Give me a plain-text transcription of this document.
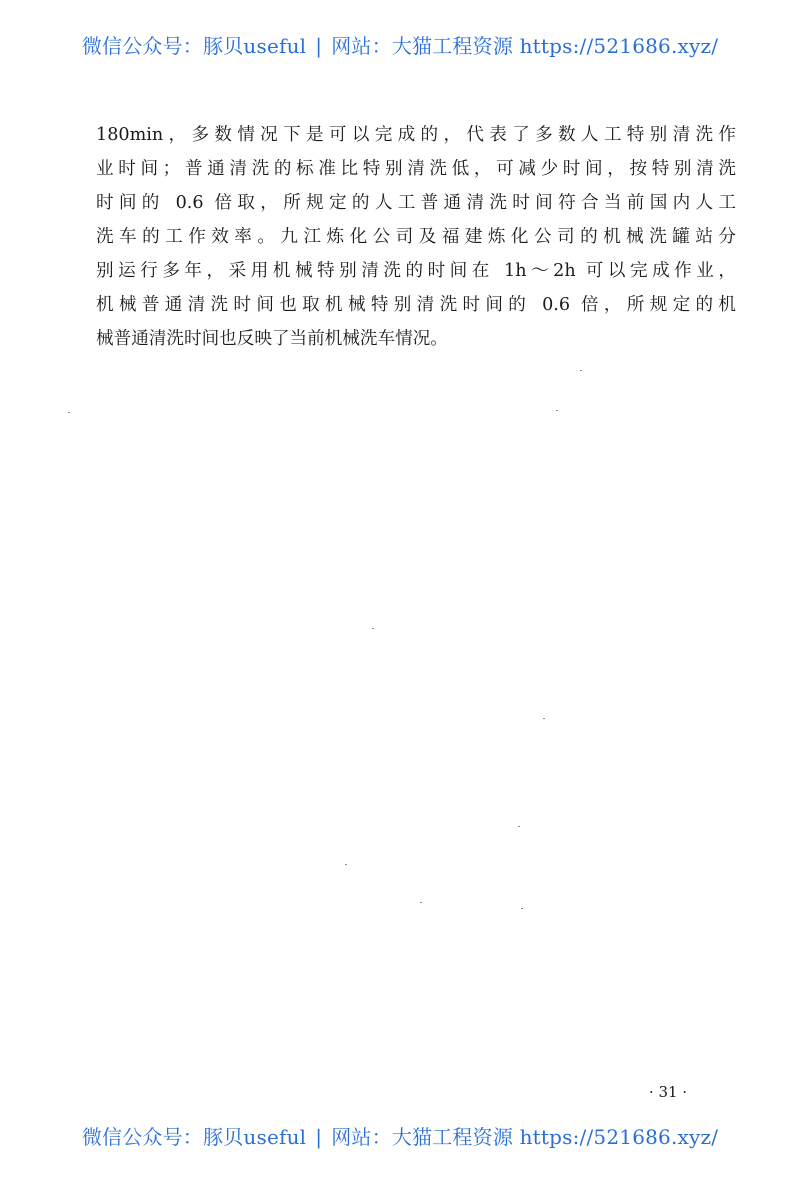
微信公众号：豚贝useful | 网站：大猫工程资源 https://521686.xyz/
180min，多数情况下是可以完成的，代表了多数人工特别清洗作
业时间；普通清洗的标准比特别清洗低，可减少时间，按特别清洗
时间的 0.6 倍取，所规定的人工普通清洗时间符合当前国内人工
洗车的工作效率。九江炼化公司及福建炼化公司的机械洗罐站分
别运行多年，采用机械特别清洗的时间在 1h～2h 可以完成作业，
机械普通清洗时间也取机械特别清洗时间的 0.6 倍，所规定的机
械普通清洗时间也反映了当前机械洗车情况。
· 31 ·
微信公众号：豚贝useful | 网站：大猫工程资源 https://521686.xyz/
